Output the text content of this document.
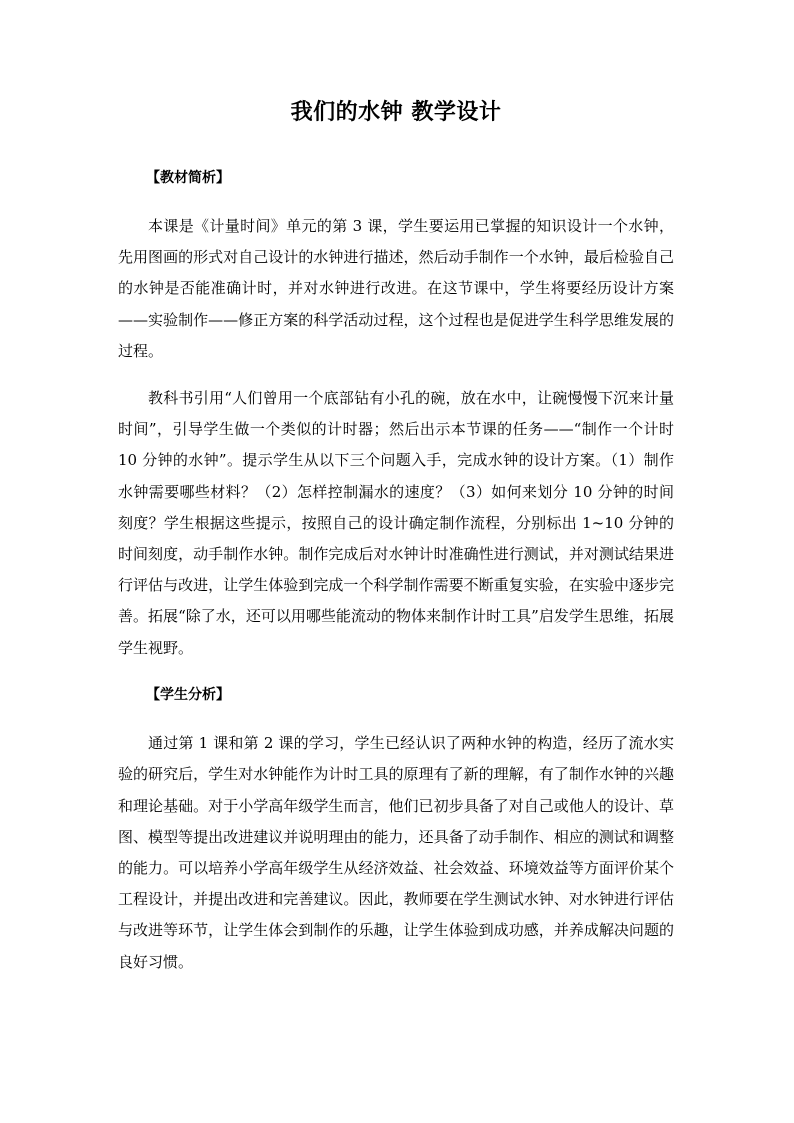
我们的水钟 教学设计
【教材简析】

本课是《计量时间》单元的第 3 课，学生要运用已掌握的知识设计一个水钟，先用图画的形式对自己设计的水钟进行描述，然后动手制作一个水钟，最后检验自己的水钟是否能准确计时，并对水钟进行改进。在这节课中，学生将要经历设计方案——实验制作——修正方案的科学活动过程，这个过程也是促进学生科学思维发展的过程。

教科书引用“人们曾用一个底部钻有小孔的碗，放在水中，让碗慢慢下沉来计量时间”，引导学生做一个类似的计时器；然后出示本节课的任务——“制作一个计时 10 分钟的水钟”。提示学生从以下三个问题入手，完成水钟的设计方案。（1）制作水钟需要哪些材料？（2）怎样控制漏水的速度？（3）如何来划分 10 分钟的时间刻度？学生根据这些提示，按照自己的设计确定制作流程，分别标出 1~10 分钟的时间刻度，动手制作水钟。制作完成后对水钟计时准确性进行测试，并对测试结果进行评估与改进，让学生体验到完成一个科学制作需要不断重复实验，在实验中逐步完善。拓展“除了水，还可以用哪些能流动的物体来制作计时工具”启发学生思维，拓展学生视野。

【学生分析】

通过第 1 课和第 2 课的学习，学生已经认识了两种水钟的构造，经历了流水实验的研究后，学生对水钟能作为计时工具的原理有了新的理解，有了制作水钟的兴趣和理论基础。对于小学高年级学生而言，他们已初步具备了对自己或他人的设计、草图、模型等提出改进建议并说明理由的能力，还具备了动手制作、相应的测试和调整的能力。可以培养小学高年级学生从经济效益、社会效益、环境效益等方面评价某个工程设计，并提出改进和完善建议。因此，教师要在学生测试水钟、对水钟进行评估与改进等环节，让学生体会到制作的乐趣，让学生体验到成功感，并养成解决问题的良好习惯。
